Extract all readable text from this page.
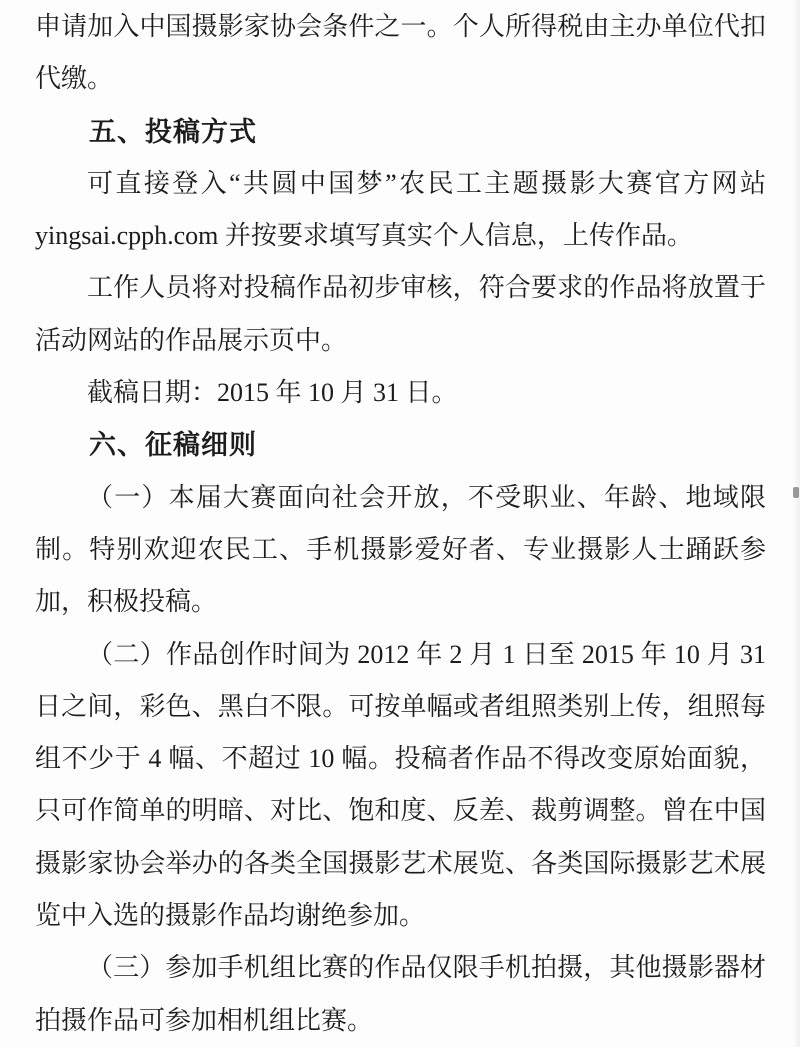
申请加入中国摄影家协会条件之一。个人所得税由主办单位代扣代缴。

五、投稿方式

可直接登入“共圆中国梦”农民工主题摄影大赛官方网站 yingsai.cpph.com 并按要求填写真实个人信息，上传作品。

工作人员将对投稿作品初步审核，符合要求的作品将放置于活动网站的作品展示页中。

截稿日期：2015 年 10 月 31 日。

六、征稿细则

（一）本届大赛面向社会开放，不受职业、年龄、地域限制。特别欢迎农民工、手机摄影爱好者、专业摄影人士踊跃参加，积极投稿。

（二）作品创作时间为 2012 年 2 月 1 日至 2015 年 10 月 31 日之间，彩色、黑白不限。可按单幅或者组照类别上传，组照每组不少于 4 幅、不超过 10 幅。投稿者作品不得改变原始面貌，只可作简单的明暗、对比、饱和度、反差、裁剪调整。曾在中国摄影家协会举办的各类全国摄影艺术展览、各类国际摄影艺术展览中入选的摄影作品均谢绝参加。

（三）参加手机组比赛的作品仅限手机拍摄，其他摄影器材拍摄作品可参加相机组比赛。
